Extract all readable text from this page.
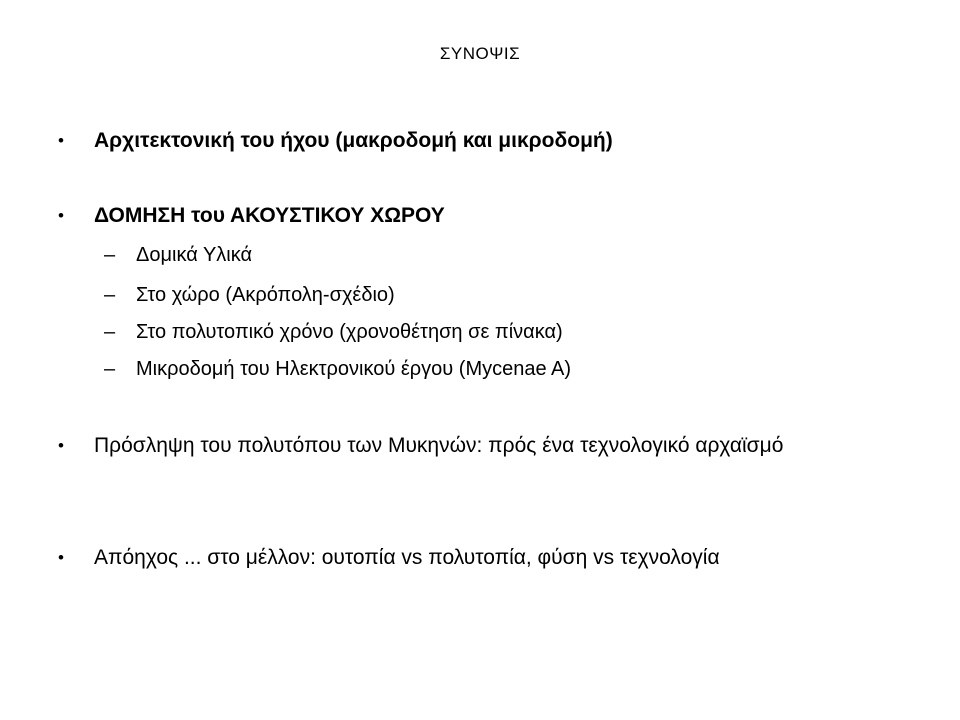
ΣΥΝΟΨΙΣ
•	Αρχιτεκτονική του ήχου (μακροδομή και μικροδομή)
•	ΔΟΜΗΣΗ του ΑΚΟΥΣΤΙΚΟΥ ΧΩΡΟΥ
–	Δομικά Υλικά
–	Στο χώρο (Ακρόπολη-σχέδιο)
–	Στο πολυτοπικό χρόνο (χρονοθέτηση σε πίνακα)
–	Μικροδομή του Ηλεκτρονικού έργου (Mycenae A)
•	Πρόσληψη του πολυτόπου των Μυκηνών: πρός ένα τεχνολογικό αρχαϊσμό
•	Απόηχος ... στο μέλλον: ουτοπία vs πολυτοπία, φύση vs τεχνολογία
